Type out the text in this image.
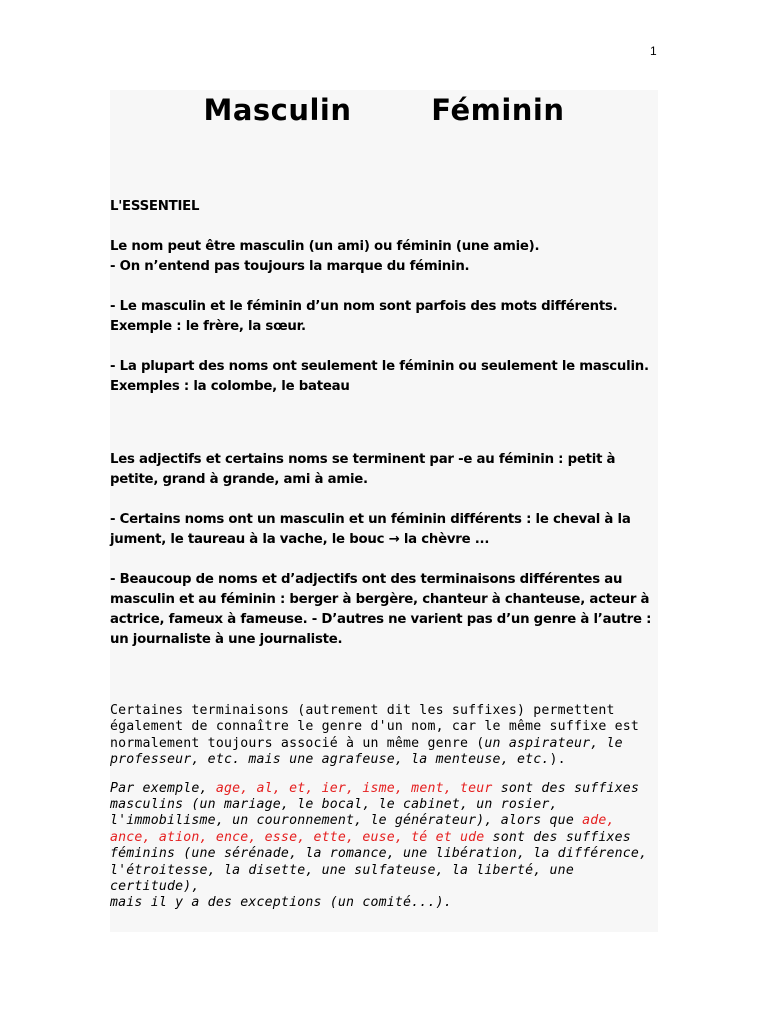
1
Masculin   Féminin

L'ESSENTIEL

Le nom peut être masculin (un ami) ou féminin (une amie).

- On n’entend pas toujours la marque du féminin.

- Le masculin et le féminin d’un nom sont parfois des mots différents.

Exemple : le frère, la sœur.

- La plupart des noms ont seulement le féminin ou seulement le masculin.

Exemples : la colombe, le bateau

Les adjectifs et certains noms se terminent par -e au féminin : petit à

petite, grand à grande, ami à amie.

- Certains noms ont un masculin et un féminin différents : le cheval à la

jument, le taureau à la vache, le bouc → la chèvre ...

- Beaucoup de noms et d’adjectifs ont des terminaisons différentes au

masculin et au féminin : berger à bergère, chanteur à chanteuse, acteur à

actrice, fameux à fameuse. - D’autres ne varient pas d’un genre à l’autre :

un journaliste à une journaliste.

Certaines terminaisons (autrement dit les suffixes) permettent

également de connaître le genre d'un nom, car le même suffixe est

normalement toujours associé à un même genre (un aspirateur, le

professeur, etc. mais une agrafeuse, la menteuse, etc.).

Par exemple, age, al, et, ier, isme, ment, teur sont des suffixes

masculins (un mariage, le bocal, le cabinet, un rosier,

l'immobilisme, un couronnement, le générateur), alors que ade,

ance, ation, ence, esse, ette, euse, té et ude sont des suffixes

féminins (une sérénade, la romance, une libération, la différence,

l'étroitesse, la disette, une sulfateuse, la liberté, une certitude),

mais il y a des exceptions (un comité...).
